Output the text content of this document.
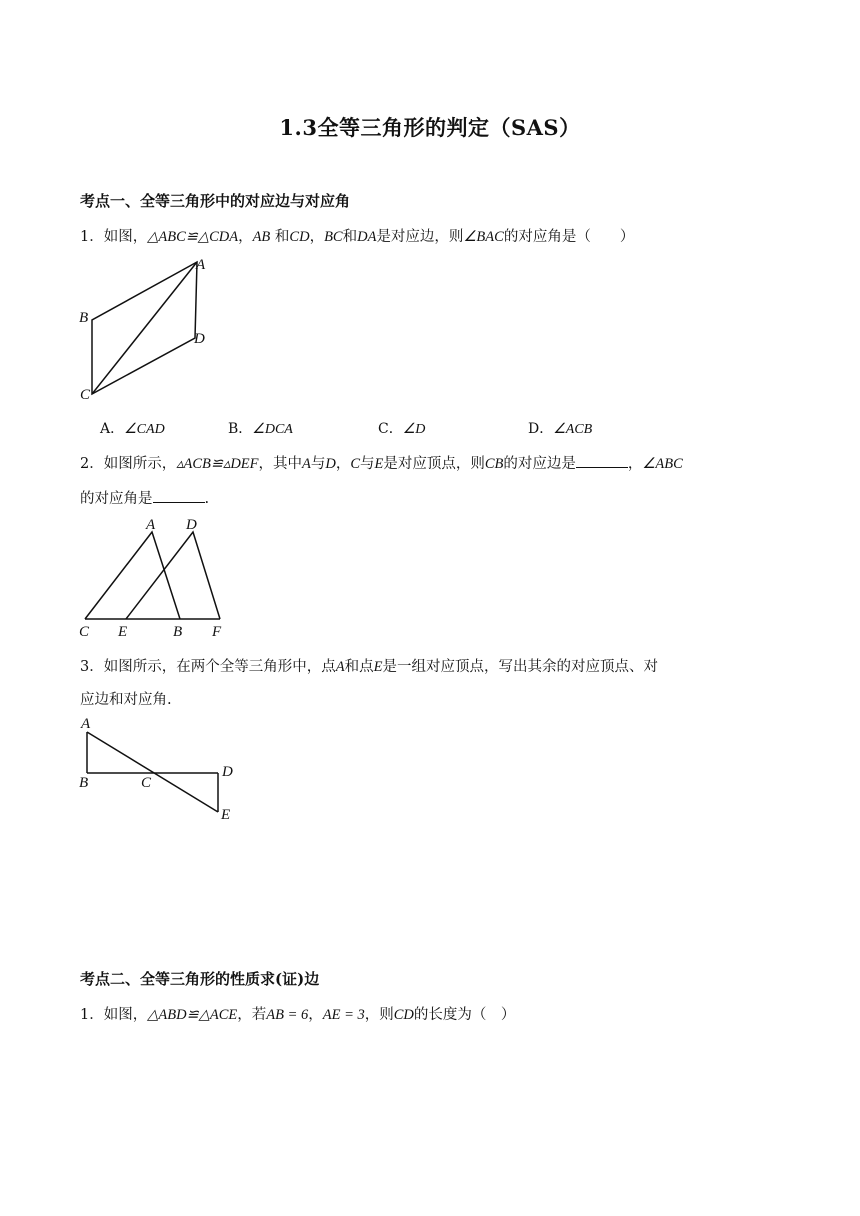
1.3全等三角形的判定（SAS）
考点一、全等三角形中的对应边与对应角
1．如图，△ABC≌△CDA，AB 和CD，BC和DA是对应边，则∠BAC的对应角是（　　）
A
B
C
D
A．∠CAD	B．∠DCA	C．∠D	D．∠ACB
2．如图所示，▵ACB≌▵DEF，其中A与D，C与E是对应顶点，则CB的对应边是	，∠ABC
的对应角是	.
A D
C E	B F
3．如图所示，在两个全等三角形中，点A和点E是一组对应顶点，写出其余的对应顶点、对
应边和对应角.
A
B	C
D
E
考点二、全等三角形的性质求(证)边
1．如图，△ABD≌△ACE，若AB = 6，AE = 3，则CD的长度为（　）
